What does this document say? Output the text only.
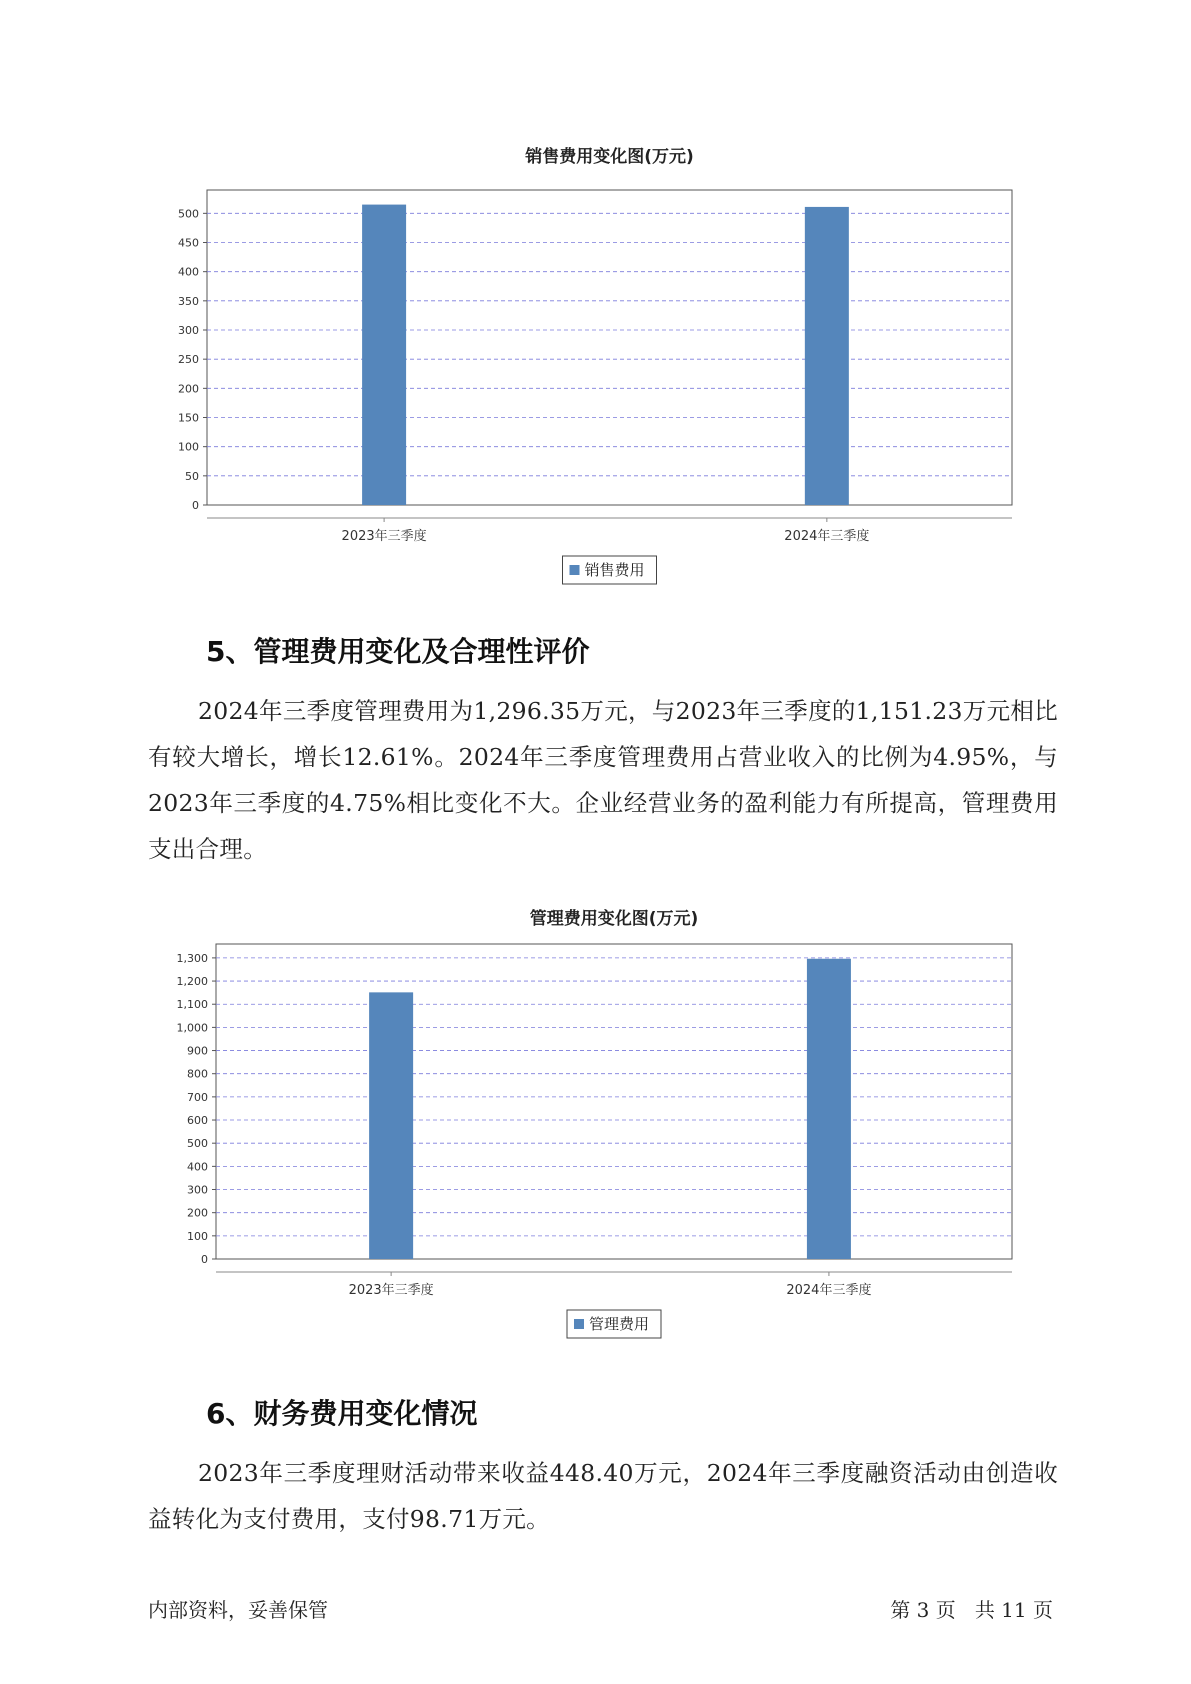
销售费用变化图(万元)
0
50
100
150
200
250
300
350
400
450
500
2023年三季度	2024年三季度
销售费用
5、管理费用变化及合理性评价

2024年三季度管理费用为1,296.35万元，与2023年三季度的1,151.23万元相比有较大增长，增长12.61%。2024年三季度管理费用占营业收入的比例为4.95%，与2023年三季度的4.75%相比变化不大。企业经营业务的盈利能力有所提高，管理费用支出合理。

管理费用变化图(万元)
0
100
200
300
400
500
600
700
800
900
1,000
1,100
1,200
1,300
2023年三季度	2024年三季度
管理费用
6、财务费用变化情况

2023年三季度理财活动带来收益448.40万元，2024年三季度融资活动由创造收益转化为支付费用，支付98.71万元。

内部资料，妥善保管	第 3 页   共 11 页
